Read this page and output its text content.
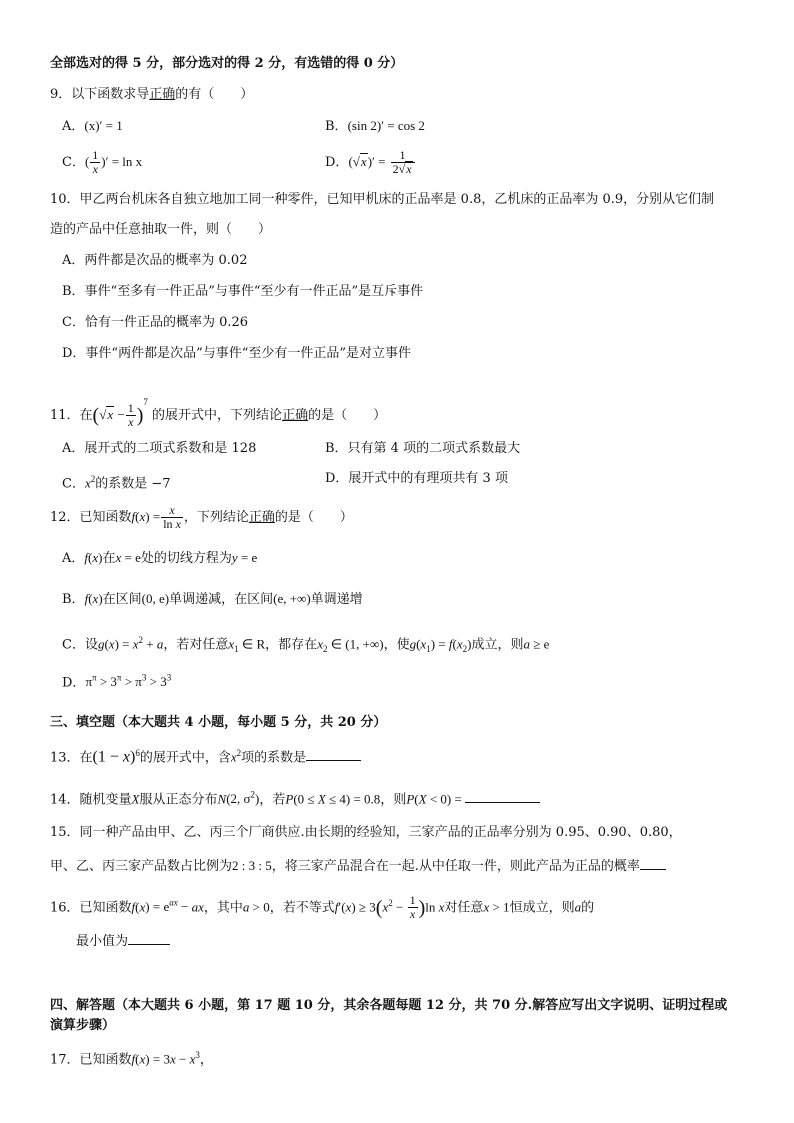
全部选对的得 5 分，部分选对的得 2 分，有选错的得 0 分）
9．以下函数求导正确的有（　　）
A．(x)′ = 1	B．(sin 2)′ = cos 2
C．( $\frac{1}{x}$ )′ = ln x	D．$(√x)' = \frac{1}{2√x}$
10．甲乙两台机床各自独立地加工同一种零件，已知甲机床的正品率是 0.8，乙机床的正品率为 0.9，分别从它们制
造的产品中任意抽取一件，则（　　）
A．两件都是次品的概率为 0.02
B．事件“至多有一件正品”与事件“至少有一件正品”是互斥事件
C．恰有一件正品的概率为 0.26
D．事件“两件都是次品”与事件“至少有一件正品”是对立事件
11．在$(√x - \frac{1}{x} )^7$ 的展开式中，下列结论正确的是（　　）
A．展开式的二项式系数和是 128	B．只有第 4 项的二项式系数最大
C．$x^2$的系数是 −7	D．展开式中的有理项共有 3 项
12．已知函数$f(x) = \frac{x}{\text{ln x}}$ ，下列结论正确的是（　　）
A．f(x)在x = e处的切线方程为y = e
B．f(x)在区间(0, e)单调递减，在区间(e, +∞)单调递增
C．设$g(x) = x^2 + a$，若对任意$x_1$ ∈ R，都存在$x_2$ ∈ (1, +∞)，使$g(x_1) = f(x_2)$成立，则a ≥ e
D．$\pi^\pi > 3^\pi > \pi^3 > 3^3$
三、填空题（本大题共 4 小题，每小题 5 分，共 20 分）
13．在$(1 - x)^6$的展开式中，含$x^2$项的系数是
14．随机变量X服从正态分布N(2, $\sigma^2$)，若P(0 ≤ X ≤ 4) = 0.8，则P(X < 0) =
15．同一种产品由甲、乙、丙三个厂商供应.由长期的经验知，三家产品的正品率分别为 0.95、0.90、0.80，
甲、乙、丙三家产品数占比例为2 : 3 : 5，将三家产品混合在一起.从中任取一件，则此产品为正品的概率
16．已知函数$f(x) = e^{ax}$ − ax，其中a > 0，若不等式$f'(x) \ge 3(x^2 - \frac{1}{x} )\ln$ x对任意x > 1恒成立，则a的
最小值为
四、解答题（本大题共 6 小题，第 17 题 10 分，其余各题每题 12 分，共 70 分.解答应写出文字说明、证明过程或
演算步骤）
17．已知函数$f(x) = 3x - x^3$，
